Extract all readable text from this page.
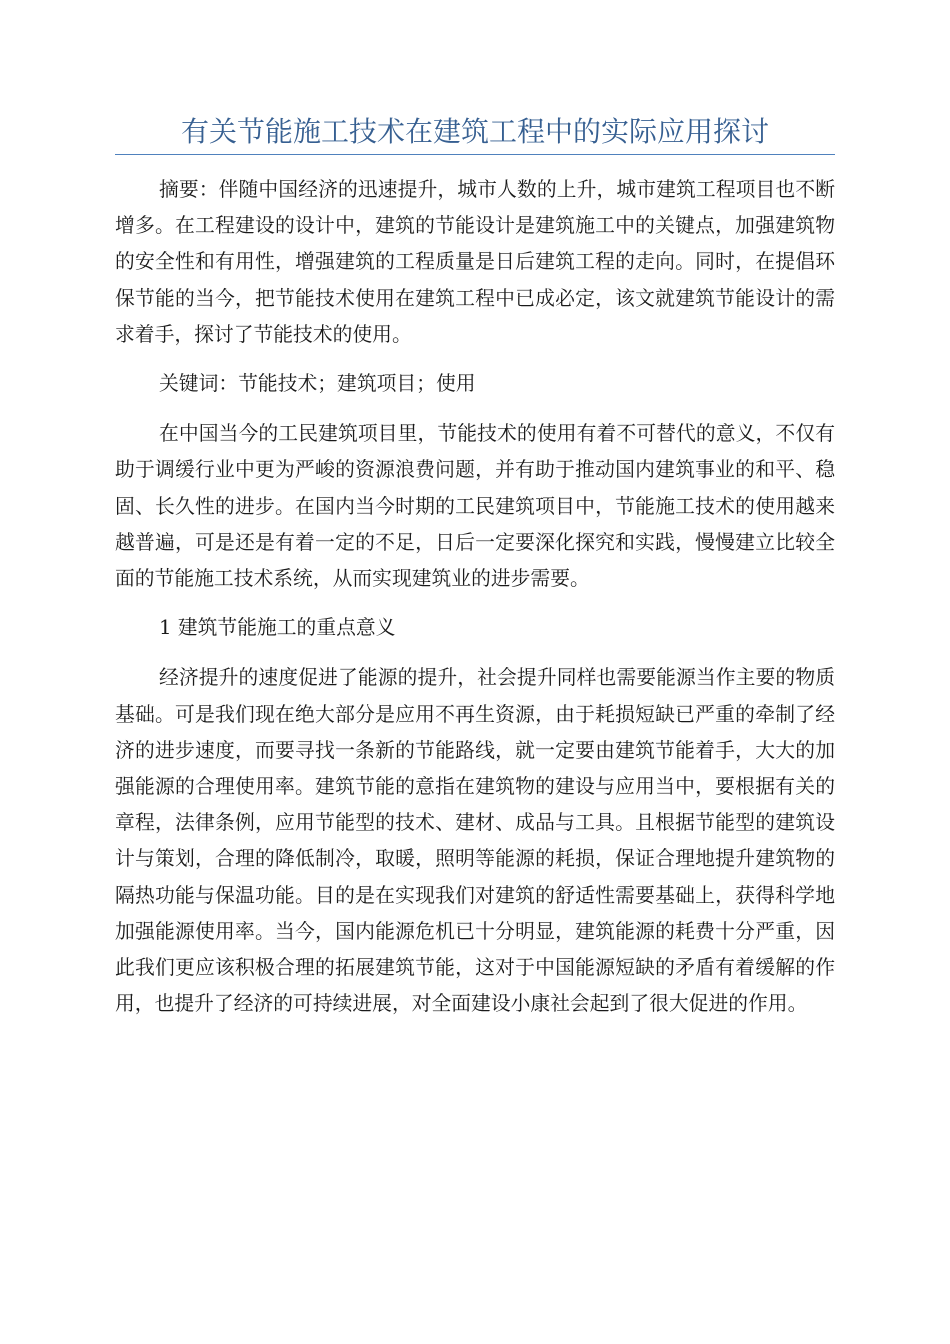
有关节能施工技术在建筑工程中的实际应用探讨

摘要：伴随中国经济的迅速提升，城市人数的上升，城市建筑工程项目也不断增多。在工程建设的设计中，建筑的节能设计是建筑施工中的关键点，加强建筑物的安全性和有用性，增强建筑的工程质量是日后建筑工程的走向。同时，在提倡环保节能的当今，把节能技术使用在建筑工程中已成必定，该文就建筑节能设计的需求着手，探讨了节能技术的使用。

关键词：节能技术；建筑项目；使用

在中国当今的工民建筑项目里，节能技术的使用有着不可替代的意义，不仅有助于调缓行业中更为严峻的资源浪费问题，并有助于推动国内建筑事业的和平、稳固、长久性的进步。在国内当今时期的工民建筑项目中，节能施工技术的使用越来越普遍，可是还是有着一定的不足，日后一定要深化探究和实践，慢慢建立比较全面的节能施工技术系统，从而实现建筑业的进步需要。

1 建筑节能施工的重点意义

经济提升的速度促进了能源的提升，社会提升同样也需要能源当作主要的物质基础。可是我们现在绝大部分是应用不再生资源，由于耗损短缺已严重的牵制了经济的进步速度，而要寻找一条新的节能路线，就一定要由建筑节能着手，大大的加强能源的合理使用率。建筑节能的意指在建筑物的建设与应用当中，要根据有关的章程，法律条例，应用节能型的技术、建材、成品与工具。且根据节能型的建筑设计与策划，合理的降低制冷，取暖，照明等能源的耗损，保证合理地提升建筑物的隔热功能与保温功能。目的是在实现我们对建筑的舒适性需要基础上，获得科学地加强能源使用率。当今，国内能源危机已十分明显，建筑能源的耗费十分严重，因此我们更应该积极合理的拓展建筑节能，这对于中国能源短缺的矛盾有着缓解的作用，也提升了经济的可持续进展，对全面建设小康社会起到了很大促进的作用。
